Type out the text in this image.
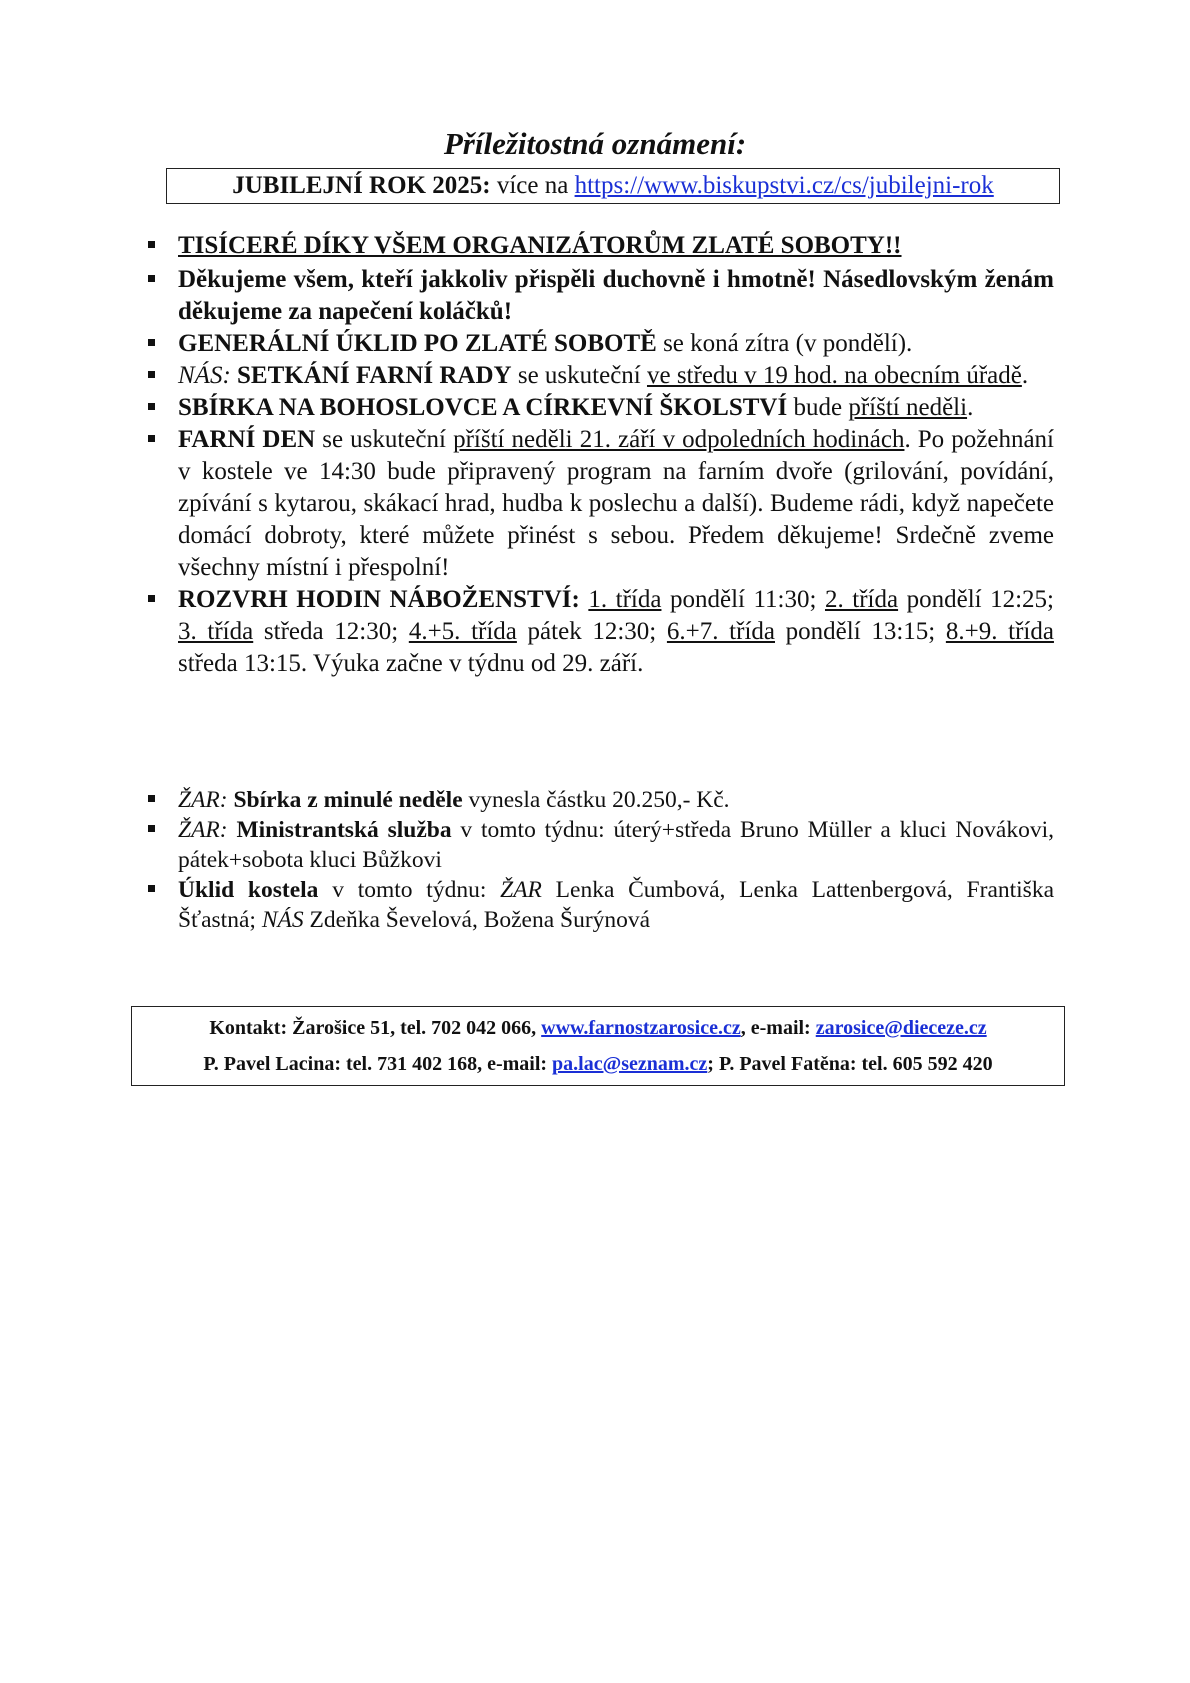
Příležitostná oznámení:
JUBILEJNÍ ROK 2025: více na https://www.biskupstvi.cz/cs/jubilejni-rok
TISÍCERÉ DÍKY VŠEM ORGANIZÁTORŮM ZLATÉ SOBOTY!!
Děkujeme všem, kteří jakkoliv přispěli duchovně i hmotně! Násedlovským ženám děkujeme za napečení koláčků!
GENERÁLNÍ ÚKLID PO ZLATÉ SOBOTĚ se koná zítra (v pondělí).
NÁS: SETKÁNÍ FARNÍ RADY se uskuteční ve středu v 19 hod. na obecním úřadě.
SBÍRKA NA BOHOSLOVCE A CÍRKEVNÍ ŠKOLSTVÍ bude příští neděli.
FARNÍ DEN se uskuteční příští neděli 21. září v odpoledních hodinách. Po požehnání v kostele ve 14:30 bude připravený program na farním dvoře (grilování, povídání, zpívání s kytarou, skákací hrad, hudba k poslechu a další). Budeme rádi, když napečete domácí dobroty, které můžete přinést s sebou. Předem děkujeme! Srdečně zveme všechny místní i přespolní!
ROZVRH HODIN NÁBOŽENSTVÍ: 1. třída pondělí 11:30; 2. třída pondělí 12:25; 3. třída středa 12:30; 4.+5. třída pátek 12:30; 6.+7. třída pondělí 13:15; 8.+9. třída středa 13:15. Výuka začne v týdnu od 29. září.
ŽAR: Sbírka z minulé neděle vynesla částku 20.250,- Kč.
ŽAR: Ministrantská služba v tomto týdnu: úterý+středa Bruno Müller a kluci Novákovi, pátek+sobota kluci Bůžkovi
Úklid kostela v tomto týdnu: ŽAR Lenka Čumbová, Lenka Lattenbergová, Františka Šťastná; NÁS Zdeňka Ševelová, Božena Šurýnová
Kontakt: Žarošice 51, tel. 702 042 066, www.farnostzarosice.cz, e-mail: zarosice@dieceze.cz
P. Pavel Lacina: tel. 731 402 168, e-mail: pa.lac@seznam.cz; P. Pavel Fatěna: tel. 605 592 420
